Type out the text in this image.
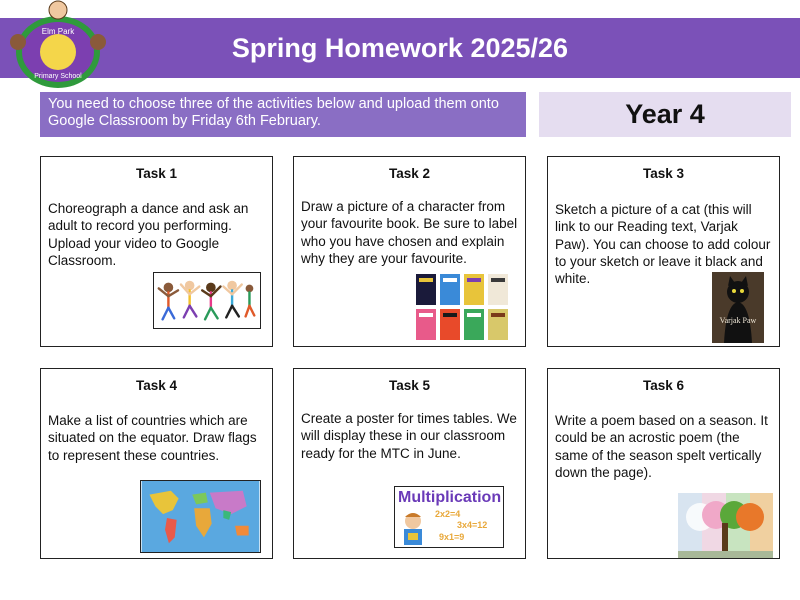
Spring Homework 2025/26
Elm Park
Primary School
You need to choose three of the activities below and upload them onto Google Classroom by Friday 6th February.	Year 4
Task 1
Choreograph a dance and ask an adult to record you performing. Upload your video to Google Classroom.
Task 2
Draw a picture of a character from your favourite book. Be sure to label who you have chosen and explain why they are your favourite.
Task 3
Sketch a picture of a cat (this will link to our Reading text, Varjak Paw). You can choose to add colour to your sketch or leave it black and white.
Varjak Paw
Task 4
Make a list of countries which are situated on the equator. Draw flags to represent these countries.
Task 5
Create a poster for times tables. We will display these in our classroom ready for the MTC in June.
Multiplication
2x2=4
3x4=12
9x1=9
Task 6
Write a poem based on a season. It could be an acrostic poem (the same of the season spelt vertically down the page).
